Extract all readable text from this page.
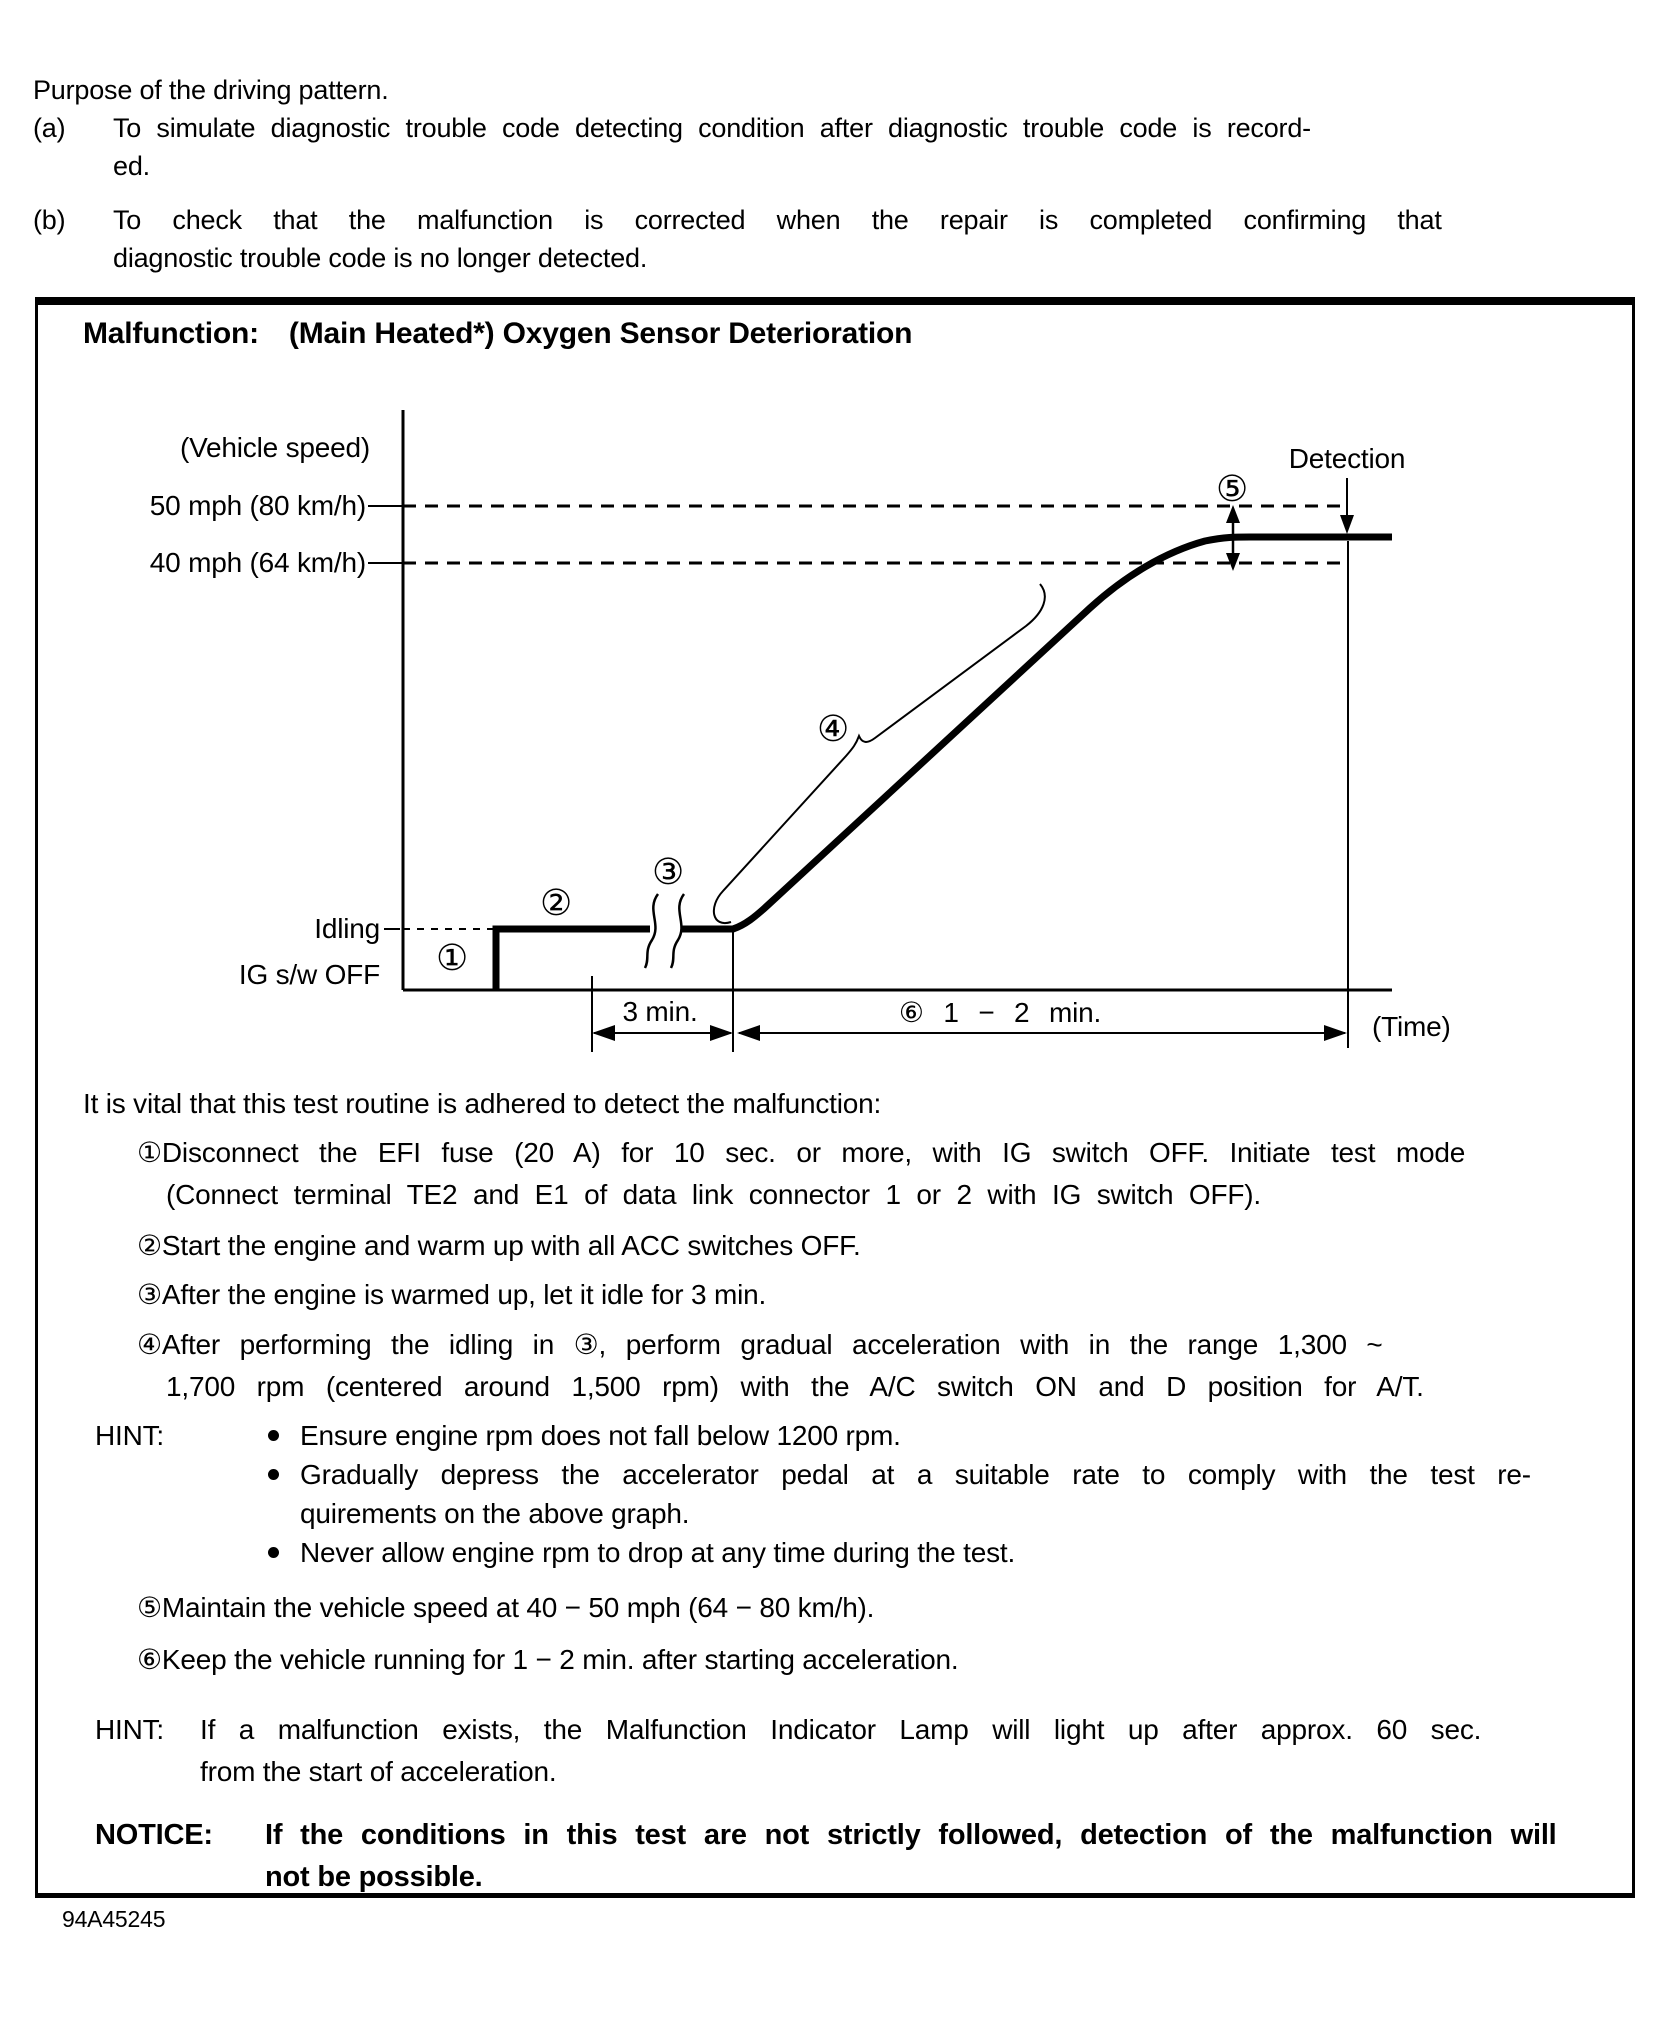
Purpose of the driving pattern.
(a) To simulate diagnostic trouble code detecting condition after diagnostic trouble code is record-
ed.
(b) To check that the malfunction is corrected when the repair is completed confirming that
diagnostic trouble code is no longer detected.
Malfunction: (Main Heated*) Oxygen Sensor Deterioration
(Vehicle speed)
50 mph (80 km/h)
40 mph (64 km/h)
Idling
IG s/w OFF
Detection
3 min.	⑥ 1 − 2 min.	(Time)
①
②
③
④
⑤
It is vital that this test routine is adhered to detect the malfunction:
①Disconnect the EFI fuse (20 A) for 10 sec. or more, with IG switch OFF. Initiate test mode
(Connect terminal TE2 and E1 of data link connector 1 or 2 with IG switch OFF).
②Start the engine and warm up with all ACC switches OFF.
③After the engine is warmed up, let it idle for 3 min.
④After performing the idling in ③, perform gradual acceleration with in the range 1,300 ~
1,700 rpm (centered around 1,500 rpm) with the A/C switch ON and D position for A/T.
HINT:	Ensure engine rpm does not fall below 1200 rpm.
Gradually depress the accelerator pedal at a suitable rate to comply with the test re-
quirements on the above graph.
Never allow engine rpm to drop at any time during the test.
⑤Maintain the vehicle speed at 40 − 50 mph (64 − 80 km/h).
⑥Keep the vehicle running for 1 − 2 min. after starting acceleration.
HINT: If a malfunction exists, the Malfunction Indicator Lamp will light up after approx. 60 sec.
from the start of acceleration.
NOTICE: If the conditions in this test are not strictly followed, detection of the malfunction will
not be possible.
94A45245
